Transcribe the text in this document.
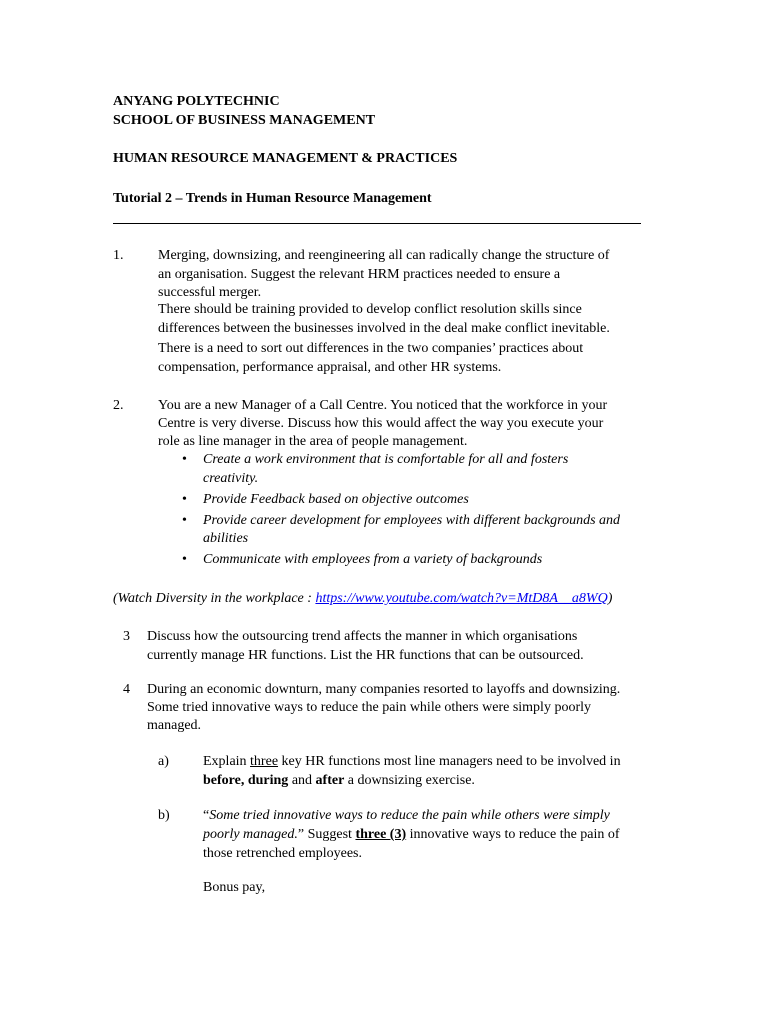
ANYANG POLYTECHNIC
SCHOOL OF BUSINESS MANAGEMENT
HUMAN RESOURCE MANAGEMENT & PRACTICES
Tutorial 2 – Trends in Human Resource Management
1. Merging, downsizing, and reengineering all can radically change the structure of
an organisation. Suggest the relevant HRM practices needed to ensure a
successful merger.
There should be training provided to develop conflict resolution skills since
differences between the businesses involved in the deal make conflict inevitable.
There is a need to sort out differences in the two companies’ practices about
compensation, performance appraisal, and other HR systems.
2. You are a new Manager of a Call Centre. You noticed that the workforce in your
Centre is very diverse. Discuss how this would affect the way you execute your
role as line manager in the area of people management.
• Create a work environment that is comfortable for all and fosters
creativity.
• Provide Feedback based on objective outcomes
• Provide career development for employees with different backgrounds and
abilities
• Communicate with employees from a variety of backgrounds
(Watch Diversity in the workplace : https://www.youtube.com/watch?v=MtD8A__a8WQ)
3 Discuss how the outsourcing trend affects the manner in which organisations
currently manage HR functions. List the HR functions that can be outsourced.
4 During an economic downturn, many companies resorted to layoffs and downsizing.
Some tried innovative ways to reduce the pain while others were simply poorly
managed.
a) Explain three key HR functions most line managers need to be involved in
before, during and after a downsizing exercise.
b) “Some tried innovative ways to reduce the pain while others were simply
poorly managed.” Suggest three (3) innovative ways to reduce the pain of
those retrenched employees.
Bonus pay,
